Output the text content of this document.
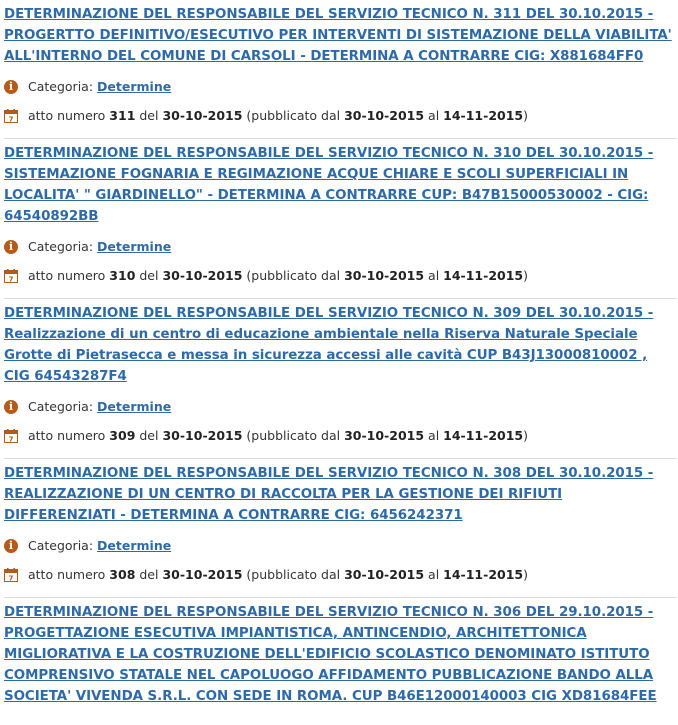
DETERMINAZIONE DEL RESPONSABILE DEL SERVIZIO TECNICO N. 311 DEL 30.10.2015 - PROGERTTO DEFINITIVO/ESECUTIVO PER INTERVENTI DI SISTEMAZIONE DELLA VIABILITA' ALL'INTERNO DEL COMUNE DI CARSOLI - DETERMINA A CONTRARRE CIG: X881684FF0
i	Categoria: Determine
7 atto numero
311
del
30-10-2015
(pubblicato dal
30-10-2015
al
14-11-2015 )
DETERMINAZIONE DEL RESPONSABILE DEL SERVIZIO TECNICO N. 310 DEL 30.10.2015 - SISTEMAZIONE FOGNARIA E REGIMAZIONE ACQUE CHIARE E SCOLI SUPERFICIALI IN LOCALITA' " GIARDINELLO" - DETERMINA A CONTRARRE CUP: B47B15000530002 - CIG: 64540892BB
i	Categoria: Determine
7 atto numero
310
del
30-10-2015
(pubblicato dal
30-10-2015
al
14-11-2015 )
DETERMINAZIONE DEL RESPONSABILE DEL SERVIZIO TECNICO N. 309 DEL 30.10.2015 - Realizzazione di un centro di educazione ambientale nella Riserva Naturale Speciale Grotte di Pietrasecca e messa in sicurezza accessi alle cavità CUP B43J13000810002 , CIG 64543287F4
i	Categoria: Determine
7 atto numero
309
del
30-10-2015
(pubblicato dal
30-10-2015
al
14-11-2015 )
DETERMINAZIONE DEL RESPONSABILE DEL SERVIZIO TECNICO N. 308 DEL 30.10.2015 - REALIZZAZIONE DI UN CENTRO DI RACCOLTA PER LA GESTIONE DEI RIFIUTI DIFFERENZIATI - DETERMINA A CONTRARRE CIG: 6456242371
i	Categoria: Determine
7 atto numero
308
del
30-10-2015
(pubblicato dal
30-10-2015
al
14-11-2015 )
DETERMINAZIONE DEL RESPONSABILE DEL SERVIZIO TECNICO N. 306 DEL 29.10.2015 - PROGETTAZIONE ESECUTIVA IMPIANTISTICA, ANTINCENDIO, ARCHITETTONICA MIGLIORATIVA E LA COSTRUZIONE DELL'EDIFICIO SCOLASTICO DENOMINATO ISTITUTO COMPRENSIVO STATALE NEL CAPOLUOGO AFFIDAMENTO PUBBLICAZIONE BANDO ALLA SOCIETA' VIVENDA S.R.L. CON SEDE IN ROMA. CUP B46E12000140003 CIG XD81684FEE
